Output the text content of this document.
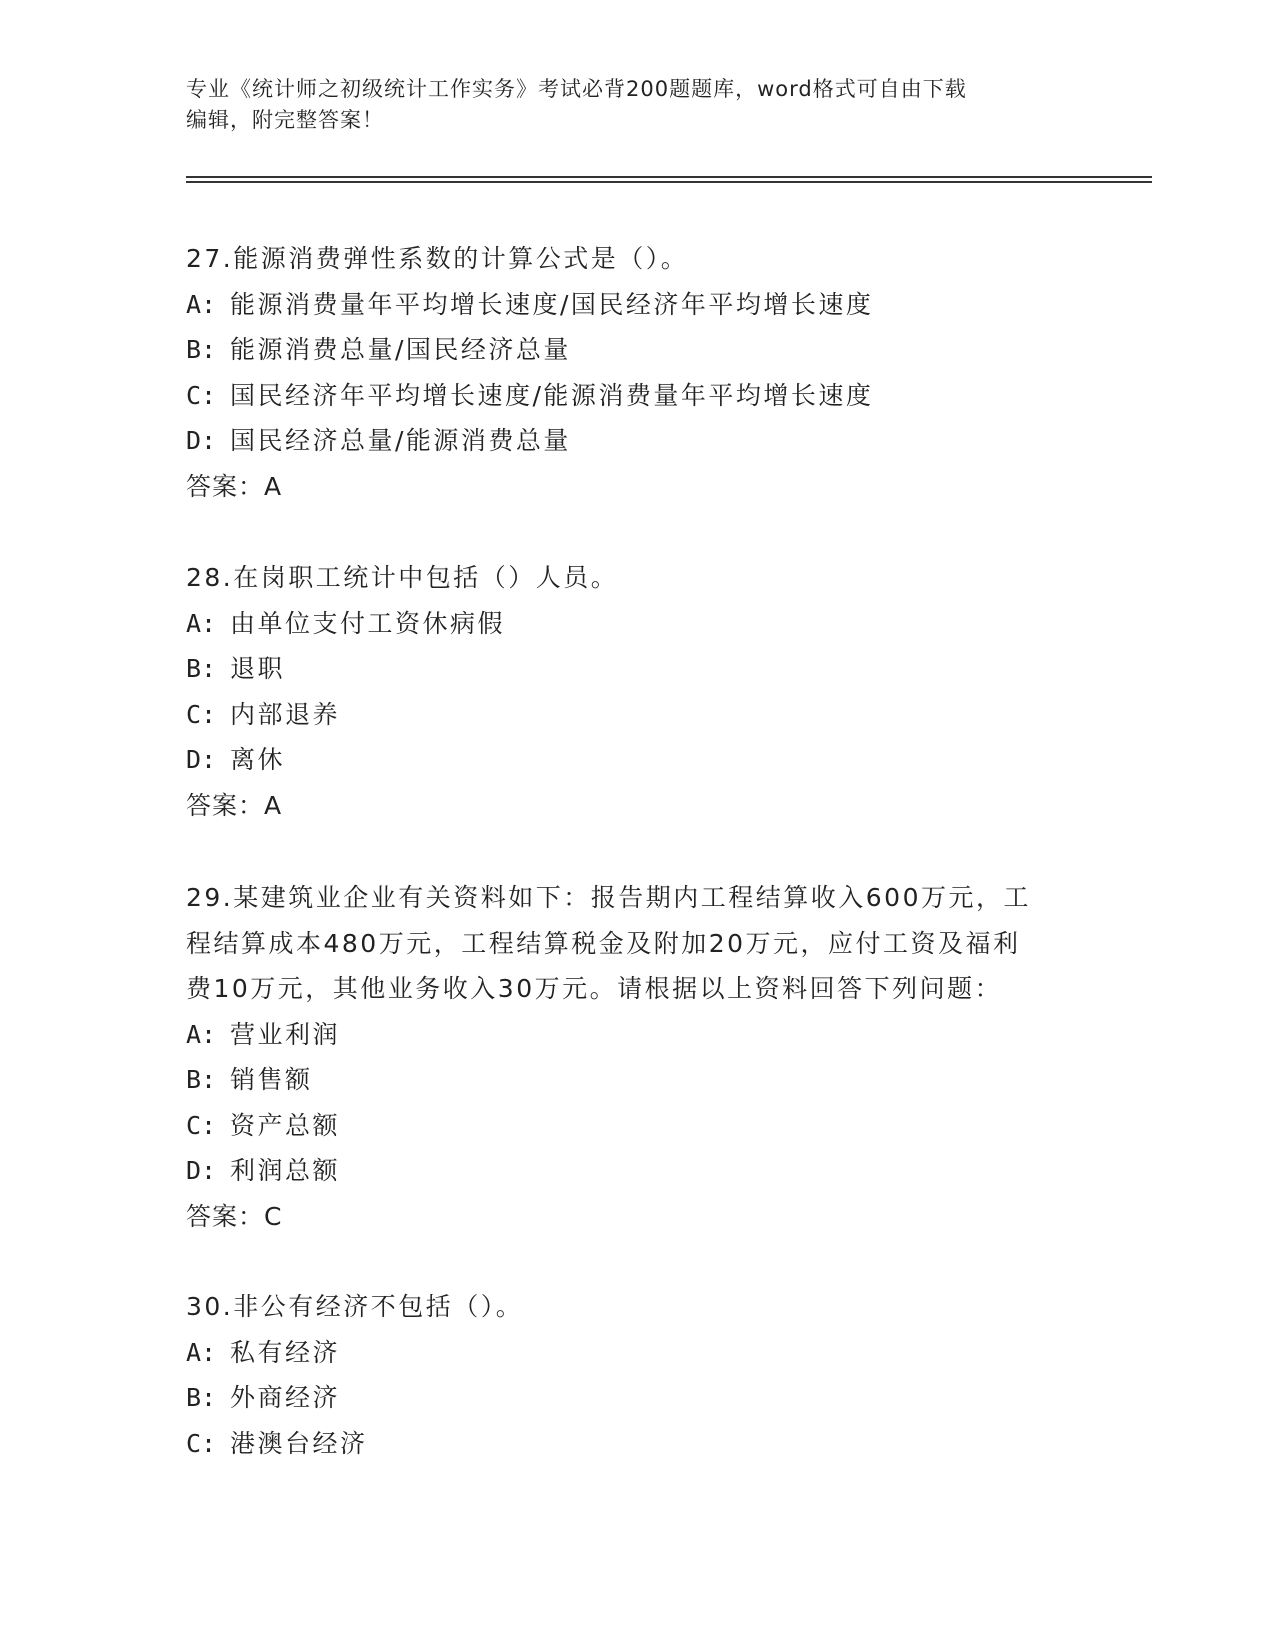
专业《统计师之初级统计工作实务》考试必背200题题库，word格式可自由下载
编辑，附完整答案！
27.能源消费弹性系数的计算公式是（）。
A: 能源消费量年平均增长速度/国民经济年平均增长速度
B: 能源消费总量/国民经济总量
C: 国民经济年平均增长速度/能源消费量年平均增长速度
D: 国民经济总量/能源消费总量
答案：A
28.在岗职工统计中包括（）人员。
A: 由单位支付工资休病假
B: 退职
C: 内部退养
D: 离休
答案：A
29.某建筑业企业有关资料如下：报告期内工程结算收入600万元，工
程结算成本480万元，工程结算税金及附加20万元，应付工资及福利
费10万元，其他业务收入30万元。请根据以上资料回答下列问题：
A: 营业利润
B: 销售额
C: 资产总额
D: 利润总额
答案：C
30.非公有经济不包括（）。
A: 私有经济
B: 外商经济
C: 港澳台经济
